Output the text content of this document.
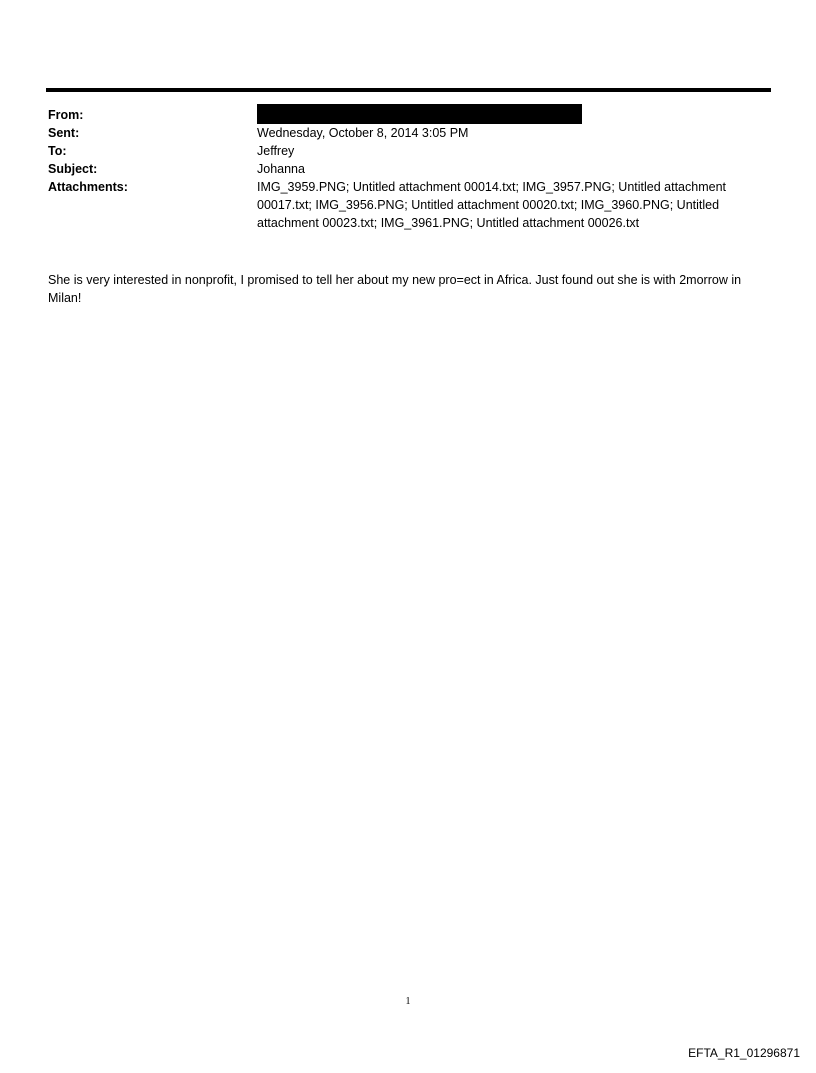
From:
Sent:	Wednesday, October 8, 2014 3:05 PM
To:	Jeffrey
Subject:	Johanna
Attachments:	IMG_3959.PNG; Untitled attachment 00014.txt; IMG_3957.PNG; Untitled attachment 00017.txt; IMG_3956.PNG; Untitled attachment 00020.txt; IMG_3960.PNG; Untitled attachment 00023.txt; IMG_3961.PNG; Untitled attachment 00026.txt
She is very interested in nonprofit, I promised to tell her about my new pro=ect in Africa. Just found out she is with 2morrow in Milan!
1
EFTA_R1_01296871
